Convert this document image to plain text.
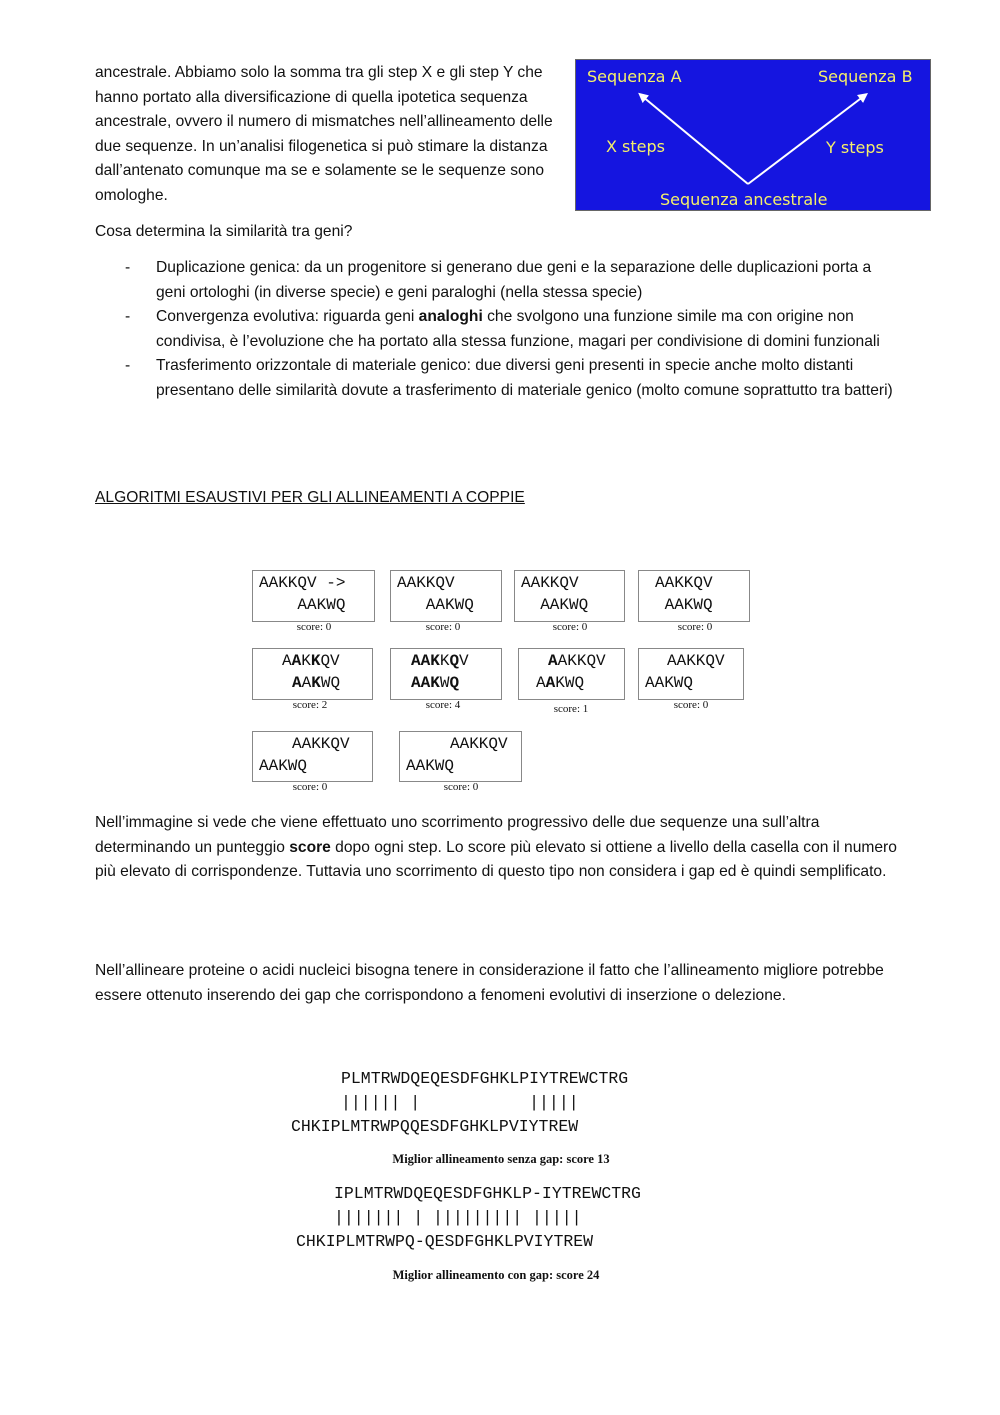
ancestrale. Abbiamo solo la somma tra gli step X e gli step Y che hanno portato alla diversificazione di quella ipotetica sequenza ancestrale, ovvero il numero di mismatches nell’allineamento delle due sequenze. In un’analisi filogenetica si può stimare la distanza dall’antenato comunque ma se e solamente se le sequenze sono omologhe.

Sequenza A	Sequenza B
X steps	Y steps
Sequenza ancestrale

Cosa determina la similarità tra geni?

- Duplicazione genica: da un progenitore si generano due geni e la separazione delle duplicazioni porta a geni ortologhi (in diverse specie) e geni paraloghi (nella stessa specie)
- Convergenza evolutiva: riguarda geni analoghi che svolgono una funzione simile ma con origine non condivisa, è l’evoluzione che ha portato alla stessa funzione, magari per condivisione di domini funzionali
- Trasferimento orizzontale di materiale genico: due diversi geni presenti in specie anche molto distanti presentano delle similarità dovute a trasferimento di materiale genico (molto comune soprattutto tra batteri)

ALGORITMI ESAUSTIVI PER GLI ALLINEAMENTI A COPPIE

AAKKQV ->
AAKWQ
score: 0
AAKKQV
AAKWQ
score: 0
AAKKQV
AAKWQ
score: 0
AAKKQV
AAKWQ
score: 0
AAKKQV
AAKWQ
score: 2
AAKKQV
AAKWQ
score: 4
AAKKQV
AAKWQ
score: 1
AAKKQV
AAKWQ
score: 0
AAKKQV
AAKWQ
score: 0
AAKKQV
AAKWQ
score: 0

Nell’immagine si vede che viene effettuato uno scorrimento progressivo delle due sequenze una sull’altra determinando un punteggio score dopo ogni step. Lo score più elevato si ottiene a livello della casella con il numero più elevato di corrispondenze. Tuttavia uno scorrimento di questo tipo non considera i gap ed è quindi semplificato.

Nell’allineare proteine o acidi nucleici bisogna tenere in considerazione il fatto che l’allineamento migliore potrebbe essere ottenuto inserendo dei gap che corrispondono a fenomeni evolutivi di inserzione o delezione.

PLMTRWDQEQESDFGHKLPIYTREWCTRG
|||||| |           |||||
CHKIPLMTRWPQQESDFGHKLPVIYTREW
Miglior allineamento senza gap: score 13
IPLMTRWDQEQESDFGHKLP-IYTREWCTRG
||||||| | ||||||||| |||||
CHKIPLMTRWPQ-QESDFGHKLPVIYTREW
Miglior allineamento con gap: score 24
